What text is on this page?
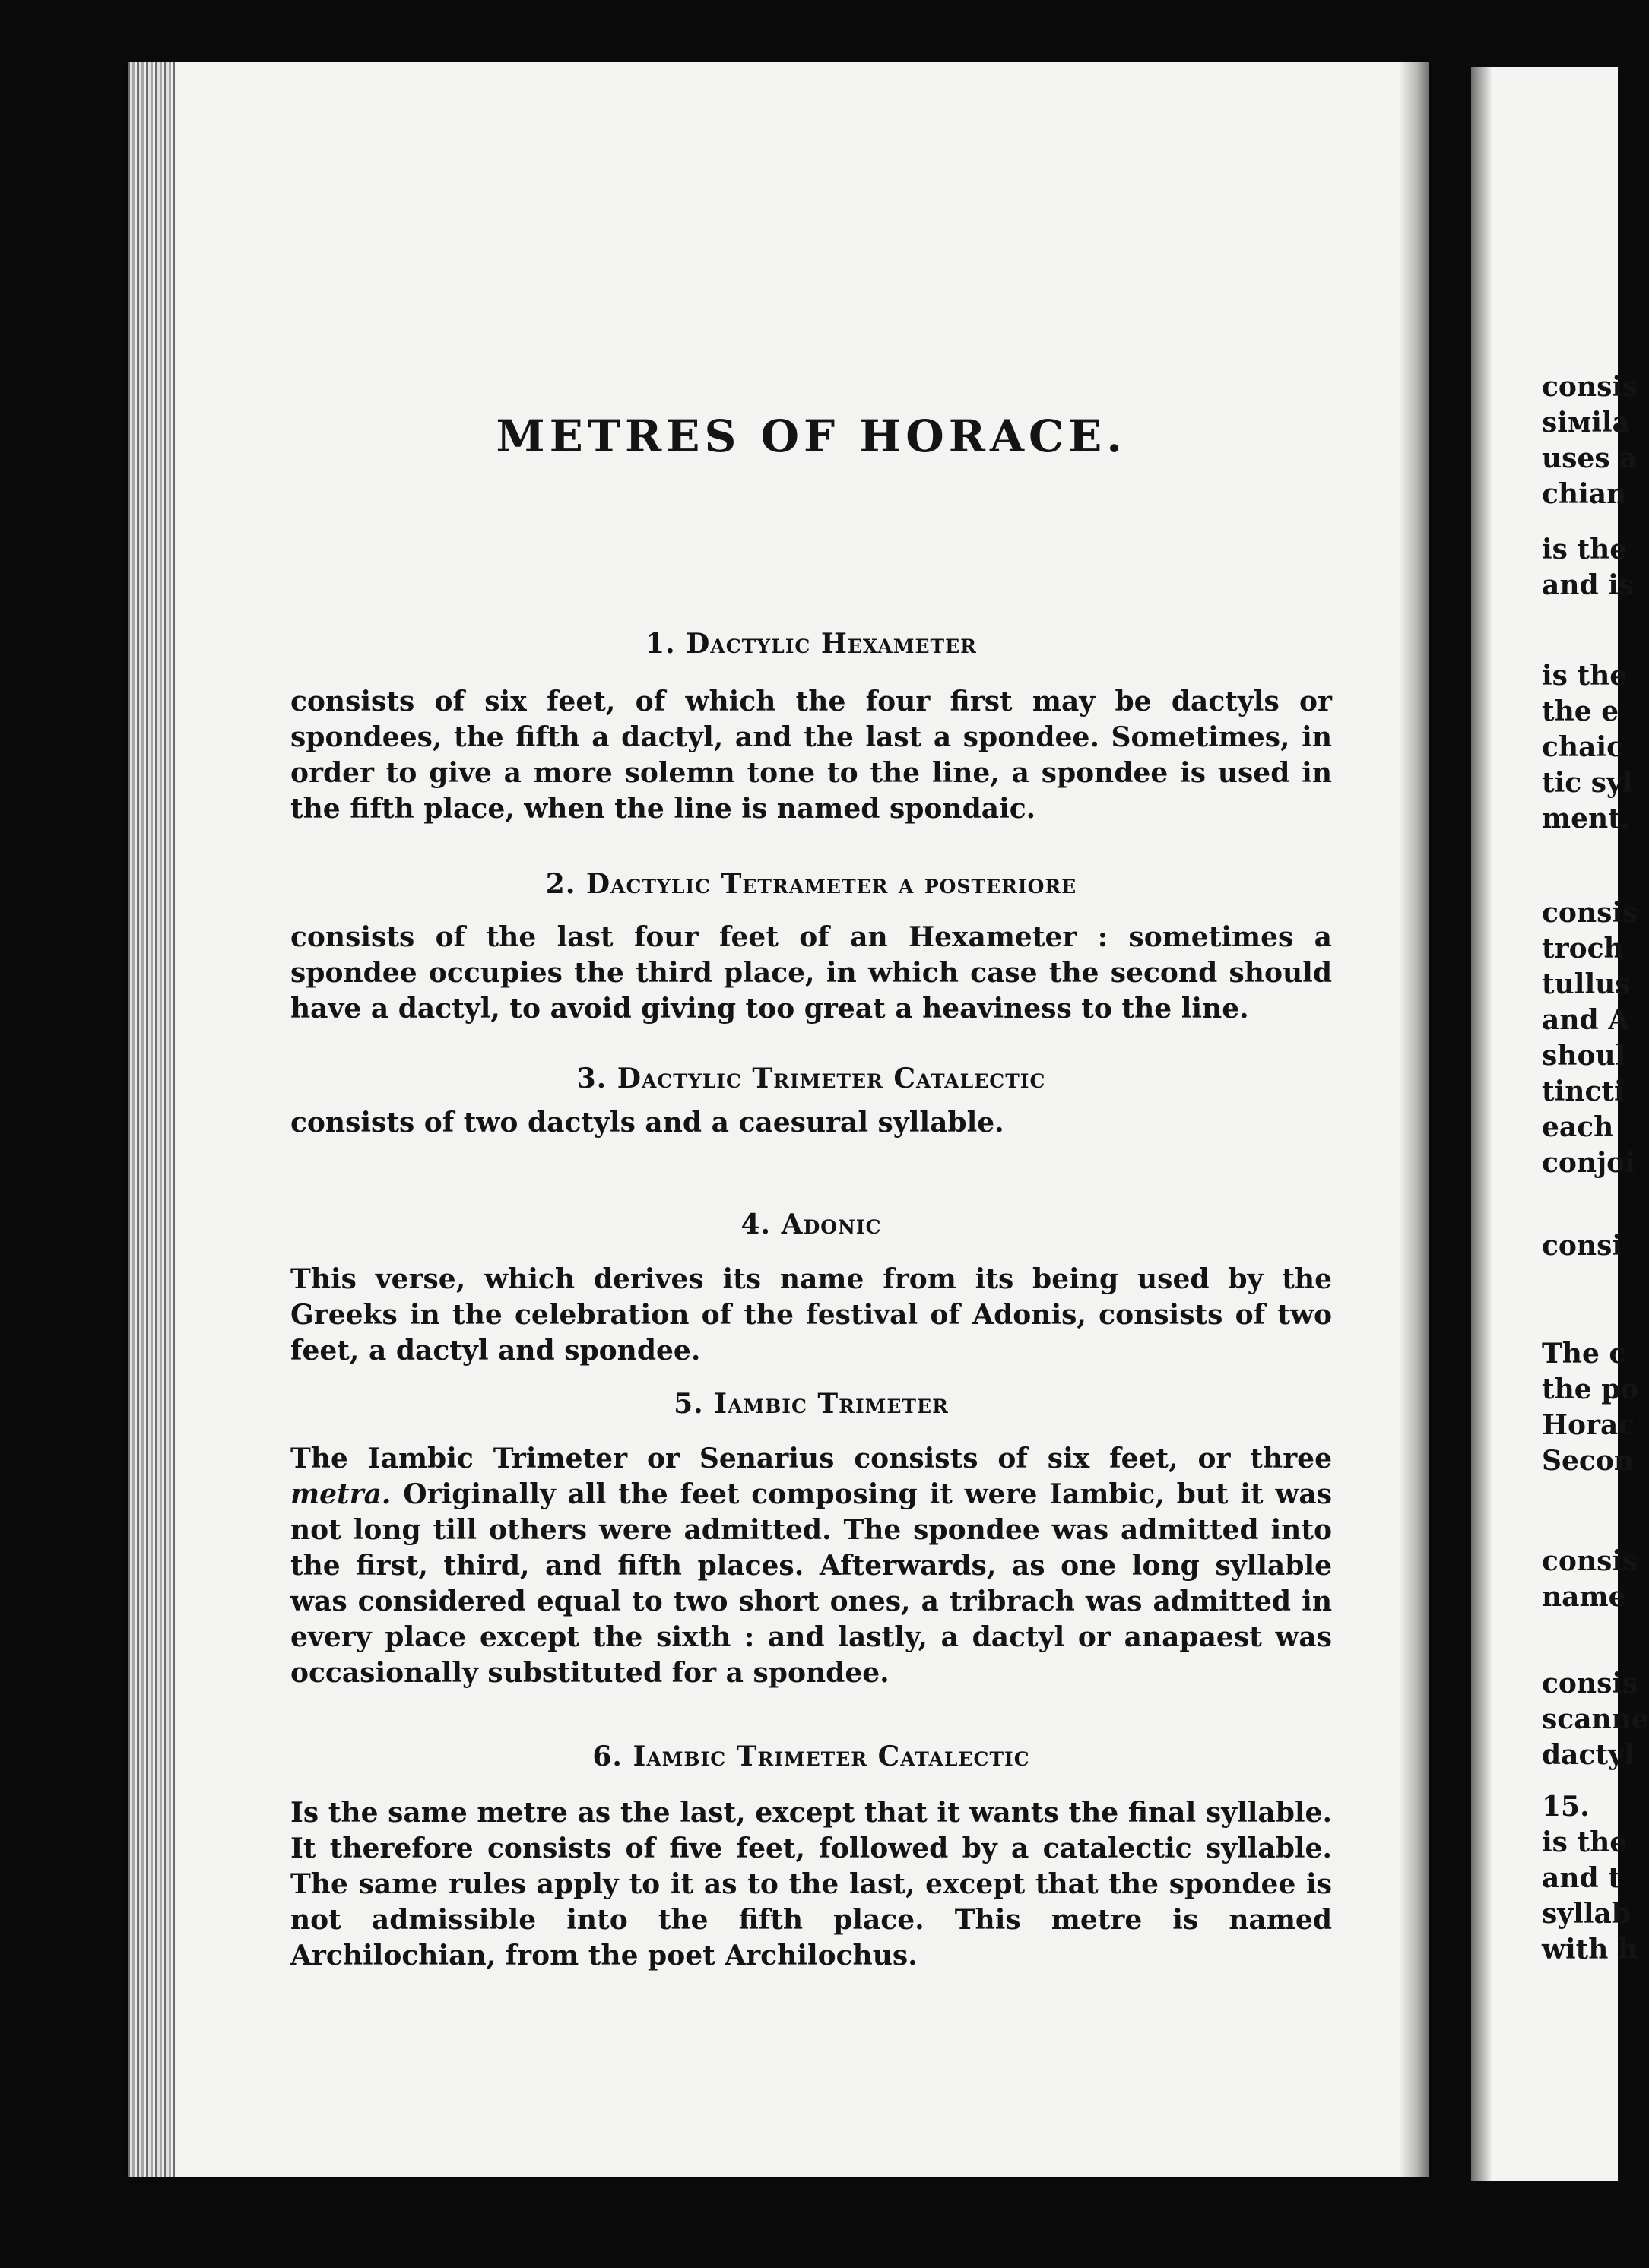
METRES OF HORACE.
1. Dactylic Hexameter

consists of six feet, of which the four first may be dactyls or spondees, the fifth a dactyl, and the last a spondee. Sometimes, in order to give a more solemn tone to the line, a spondee is used in the fifth place, when the line is named spondaic.

2. Dactylic Tetrameter a posteriore

consists of the last four feet of an Hexameter : sometimes a spondee occupies the third place, in which case the second should have a dactyl, to avoid giving too great a heaviness to the line.

3. Dactylic Trimeter Catalectic

consists of two dactyls and a caesural syllable.

4. Adonic

This verse, which derives its name from its being used by the Greeks in the celebration of the festival of Adonis, consists of two feet, a dactyl and spondee.

5. Iambic Trimeter

The Iambic Trimeter or Senarius consists of six feet, or three metra. Originally all the feet composing it were Iambic, but it was not long till others were admitted. The spondee was admitted into the first, third, and fifth places. Afterwards, as one long syllable was considered equal to two short ones, a tribrach was admitted in every place except the sixth : and lastly, a dactyl or anapaest was occasionally substituted for a spondee.

6. Iambic Trimeter Catalectic

Is the same metre as the last, except that it wants the final syllable. It therefore consists of five feet, followed by a catalectic syllable. The same rules apply to it as to the last, except that the spondee is not admissible into the fifth place. This metre is named Archilochian, from the poet Archilochus.

consis
sімila
uses a
chian
is the
and is
is the
the e
chaic
tic syl
ment.
consis
troch
tullus
and A
shoul
tincti
each
conjoi
consi
The c
the po
Horac
Secon
consis
name
consis
scanne
dactyl
15.
is the
and t
syllab
with h
